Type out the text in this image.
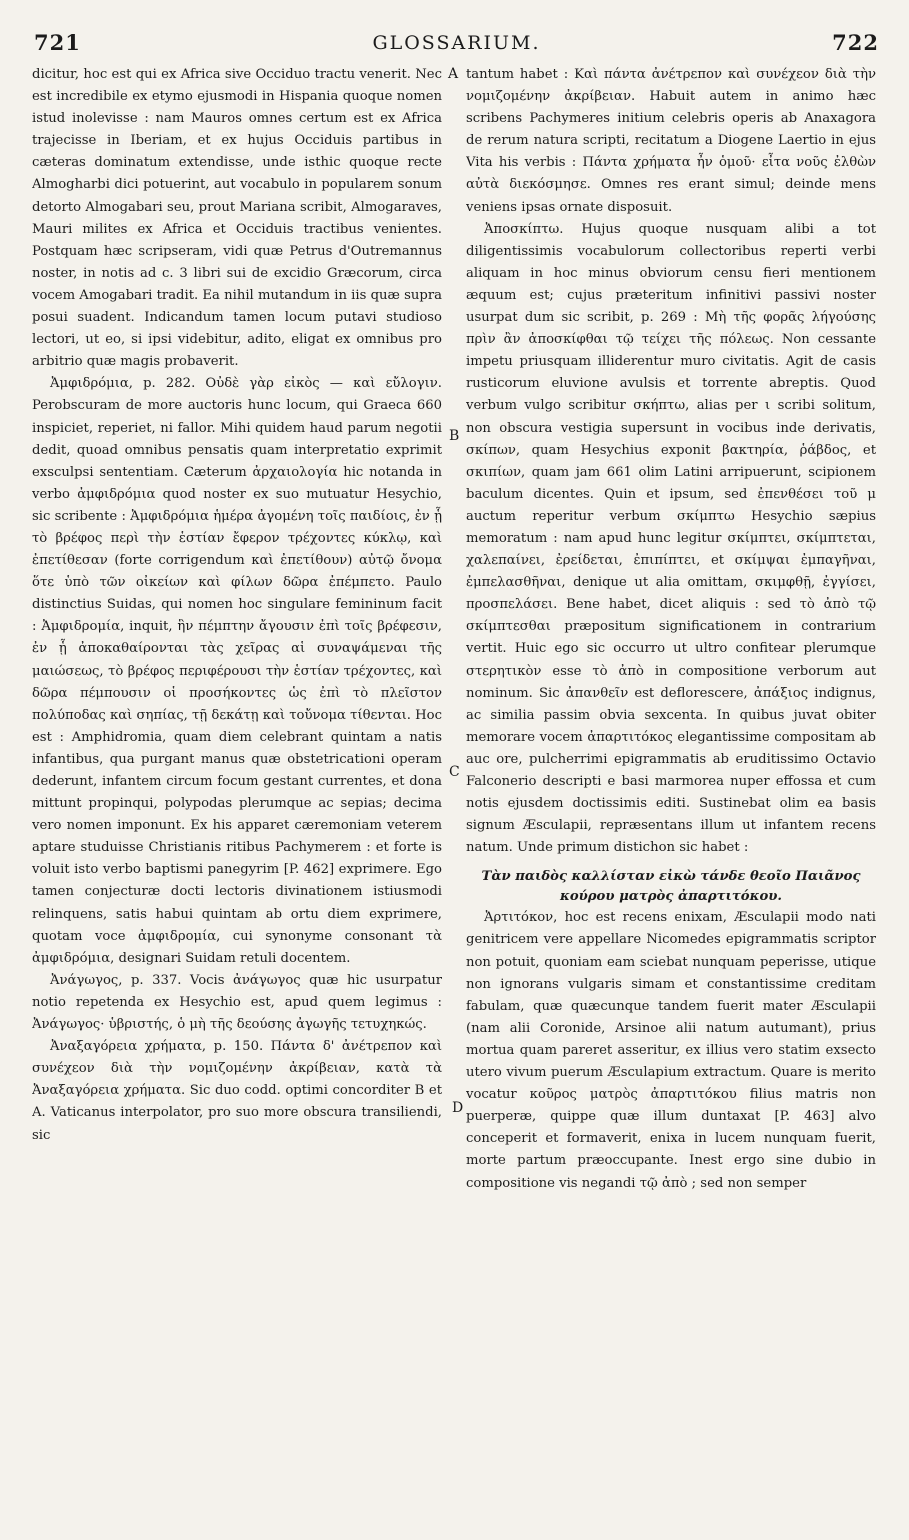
721	GLOSSARIUM.	722

dicitur, hoc est qui ex Africa sive Occiduo tractu venerit. Nec est incredibile ex etymo ejusmodi in Hispania quoque nomen istud inolevisse : nam Mauros omnes certum est ex Africa trajecisse in Iberiam, et ex hujus Occiduis partibus in cæteras dominatum extendisse, unde isthic quoque recte Almogharbi dici potuerint, aut vocabulo in popularem sonum detorto Almogabari seu, prout Mariana scribit, Almogaraves, Mauri milites ex Africa et Occiduis tractibus venientes. Postquam hæc scripseram, vidi quæ Petrus d'Outremannus noster, in notis ad c. 3 libri sui de excidio Græcorum, circa vocem Amogabari tradit. Ea nihil mutandum in iis quæ supra posui suadent. Indicandum tamen locum putavi studioso lectori, ut eo, si ipsi videbitur, adito, eligat ex omnibus pro arbitrio quæ magis probaverit.

Ἀμφιδρόμια, p. 282. Οὐδὲ γὰρ εἰκὸς — καὶ εὔλογιν. Perobscuram de more auctoris hunc locum, qui Graeca 660 inspiciet, reperiet, ni fallor. Mihi quidem haud parum negotii dedit, quoad omnibus pensatis quam interpretatio exprimit exsculpsi sententiam. Cæterum ἀρχαιολογία hic notanda in verbo ἀμφιδρόμια quod noster ex suo mutuatur Hesychio, sic scribente : Ἀμφιδρόμια ἡμέρα ἀγομένη τοῖς παιδίοις, ἐν ᾗ τὸ βρέφος περὶ τὴν ἑστίαν ἔφερον τρέχοντες κύκλῳ, καὶ ἐπετίθεσαν (forte corrigendum καὶ ἐπετίθουν) αὐτῷ ὄνομα ὅτε ὑπὸ τῶν οἰκείων καὶ φίλων δῶρα ἐπέμπετο. Paulo distinctius Suidas, qui nomen hoc singulare femininum facit : Ἀμφιδρομία, inquit, ἣν πέμπτην ἄγουσιν ἐπὶ τοῖς βρέφεσιν, ἐν ᾗ ἀποκαθαίρονται τὰς χεῖρας αἱ συναψάμεναι τῆς μαιώσεως, τὸ βρέφος περιφέρουσι τὴν ἑστίαν τρέχοντες, καὶ δῶρα πέμπουσιν οἱ προσήκοντες ὡς ἐπὶ τὸ πλεῖστον πολύποδας καὶ σηπίας, τῇ δεκάτῃ καὶ τοὔνομα τίθενται. Hoc est : Amphidromia, quam diem celebrant quintam a natis infantibus, qua purgant manus quæ obstetricationi operam dederunt, infantem circum focum gestant currentes, et dona mittunt propinqui, polypodas plerumque ac sepias; decima vero nomen imponunt. Ex his apparet cæremoniam veterem aptare studuisse Christianis ritibus Pachymerem : et forte is voluit isto verbo baptismi panegyrim [P. 462] exprimere. Ego tamen conjecturæ docti lectoris divinationem istiusmodi relinquens, satis habui quintam ab ortu diem exprimere, quotam voce ἀμφιδρομία, cui synonyme consonant τὰ ἀμφιδρόμια, designari Suidam retuli docentem.

Ἀνάγωγος, p. 337. Vocis ἀνάγωγος quæ hic usurpatur notio repetenda ex Hesychio est, apud quem legimus : Ἀνάγωγος· ὑβριστής, ὁ μὴ τῆς δεούσης ἀγωγῆς τετυχηκώς.

Ἀναξαγόρεια χρήματα, p. 150. Πάντα δ' ἀνέτρεπον καὶ συνέχεον διὰ τὴν νομιζομένην ἀκρίβειαν, κατὰ τὰ Ἀναξαγόρεια χρήματα. Sic duo codd. optimi concorditer B et A. Vaticanus interpolator, pro suo more obscura transiliendi, sic

A
B
C
D

tantum habet : Καὶ πάντα ἀνέτρεπον καὶ συνέχεον διὰ τὴν νομιζομένην ἀκρίβειαν. Habuit autem in animo hæc scribens Pachymeres initium celebris operis ab Anaxagora de rerum natura scripti, recitatum a Diogene Laertio in ejus Vita his verbis : Πάντα χρήματα ἦν ὁμοῦ· εἶτα νοῦς ἐλθὼν αὐτὰ διεκόσμησε. Omnes res erant simul; deinde mens veniens ipsas ornate disposuit.

Ἀποσκίπτω. Hujus quoque nusquam alibi a tot diligentissimis vocabulorum collectoribus reperti verbi aliquam in hoc minus obviorum censu fieri mentionem æquum est; cujus præteritum infinitivi passivi noster usurpat dum sic scribit, p. 269 : Μὴ τῆς φορᾶς λήγούσης πρὶν ἂν ἀποσκίφθαι τῷ τείχει τῆς πόλεως. Non cessante impetu priusquam illiderentur muro civitatis. Agit de casis rusticorum eluvione avulsis et torrente abreptis. Quod verbum vulgo scribitur σκήπτω, alias per ι scribi solitum, non obscura vestigia supersunt in vocibus inde derivatis, σκίπων, quam Hesychius exponit βακτηρία, ῥάβδος, et σκιπίων, quam jam 661 olim Latini arripuerunt, scipionem baculum dicentes. Quin et ipsum, sed ἐπενθέσει τοῦ μ auctum reperitur verbum σκίμπτω Hesychio sæpius memoratum : nam apud hunc legitur σκίμπτει, σκίμπτεται, χαλεπαίνει, ἐρείδεται, ἐπιπίπτει, et σκίμψαι ἐμπαγῆναι, ἐμπελασθῆναι, denique ut alia omittam, σκιμφθῇ, ἐγγίσει, προσπελάσει. Bene habet, dicet aliquis : sed τὸ ἀπὸ τῷ σκίμπτεσθαι præpositum significationem in contrarium vertit. Huic ego sic occurro ut ultro confitear plerumque στερητικὸν esse τὸ ἀπὸ in compositione verborum aut nominum. Sic ἀπανθεῖν est deflorescere, ἀπάξιος indignus, ac similia passim obvia sexcenta. In quibus juvat obiter memorare vocem ἀπαρτιτόκος elegantissime compositam ab auc ore, pulcherrimi epigrammatis ab eruditissimo Octavio Falconerio descripti e basi marmorea nuper effossa et cum notis ejusdem doctissimis editi. Sustinebat olim ea basis signum Æsculapii, repræsentans illum ut infantem recens natum. Unde primum distichon sic habet :

Τὰν παιδὸς καλλίσταν εἰκὼ τάνδε θεοῖο Παιᾶνος κούρου ματρὸς ἀπαρτιτόκου.

Ἀρτιτόκον, hoc est recens enixam, Æsculapii modo nati genitricem vere appellare Nicomedes epigrammatis scriptor non potuit, quoniam eam sciebat nunquam peperisse, utique non ignorans vulgaris simam et constantissime creditam fabulam, quæ quæcunque tandem fuerit mater Æsculapii (nam alii Coronide, Arsinoe alii natum autumant), prius mortua quam pareret asseritur, ex illius vero statim exsecto utero vivum puerum Æsculapium extractum. Quare is merito vocatur κοῦρος ματρὸς ἀπαρτιτόκου filius matris non puerperæ, quippe quæ illum duntaxat [P. 463] alvo conceperit et formaverit, enixa in lucem nunquam fuerit, morte partum præoccupante. Inest ergo sine dubio in compositione vis negandi τῷ ἀπὸ ; sed non semper
